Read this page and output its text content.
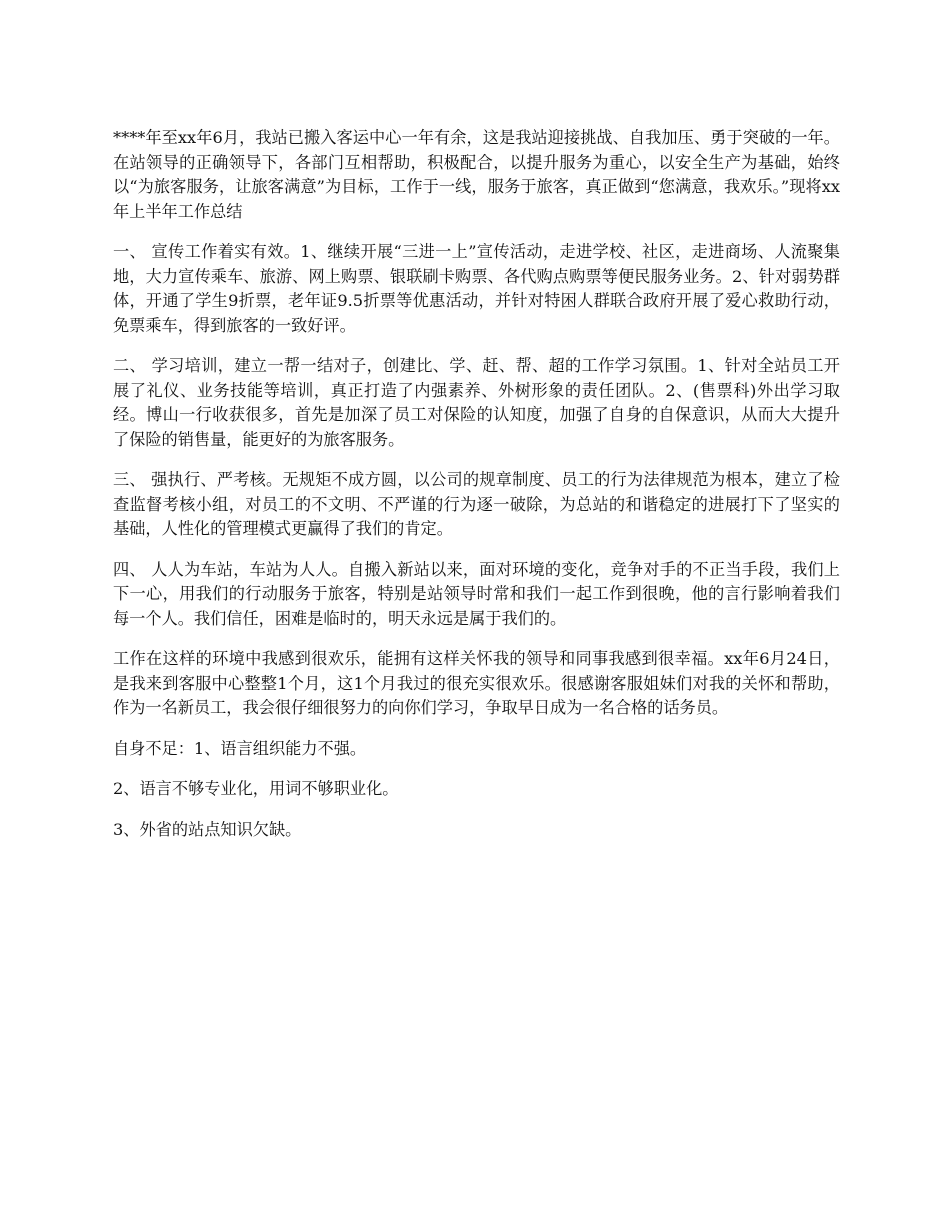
****年至xx年6月，我站已搬入客运中心一年有余，这是我站迎接挑战、自我加压、勇于突破的一年。在站领导的正确领导下，各部门互相帮助，积极配合，以提升服务为重心，以安全生产为基础，始终以“为旅客服务，让旅客满意”为目标，工作于一线，服务于旅客，真正做到“您满意，我欢乐。”现将xx年上半年工作总结

一、 宣传工作着实有效。1、继续开展“三进一上”宣传活动，走进学校、社区，走进商场、人流聚集地，大力宣传乘车、旅游、网上购票、银联刷卡购票、各代购点购票等便民服务业务。2、针对弱势群体，开通了学生9折票，老年证9.5折票等优惠活动，并针对特困人群联合政府开展了爱心救助行动，免票乘车，得到旅客的一致好评。

二、 学习培训，建立一帮一结对子，创建比、学、赶、帮、超的工作学习氛围。1、针对全站员工开展了礼仪、业务技能等培训，真正打造了内强素养、外树形象的责任团队。2、(售票科)外出学习取经。博山一行收获很多，首先是加深了员工对保险的认知度，加强了自身的自保意识，从而大大提升了保险的销售量，能更好的为旅客服务。

三、 强执行、严考核。无规矩不成方圆，以公司的规章制度、员工的行为法律规范为根本，建立了检查监督考核小组，对员工的不文明、不严谨的行为逐一破除，为总站的和谐稳定的进展打下了坚实的基础，人性化的管理模式更赢得了我们的肯定。

四、 人人为车站，车站为人人。自搬入新站以来，面对环境的变化，竞争对手的不正当手段，我们上下一心，用我们的行动服务于旅客，特别是站领导时常和我们一起工作到很晚，他的言行影响着我们每一个人。我们信任，困难是临时的，明天永远是属于我们的。

工作在这样的环境中我感到很欢乐，能拥有这样关怀我的领导和同事我感到很幸福。xx年6月24日，是我来到客服中心整整1个月，这1个月我过的很充实很欢乐。很感谢客服姐妹们对我的关怀和帮助，作为一名新员工，我会很仔细很努力的向你们学习，争取早日成为一名合格的话务员。

自身不足：1、语言组织能力不强。

2、语言不够专业化，用词不够职业化。

3、外省的站点知识欠缺。
